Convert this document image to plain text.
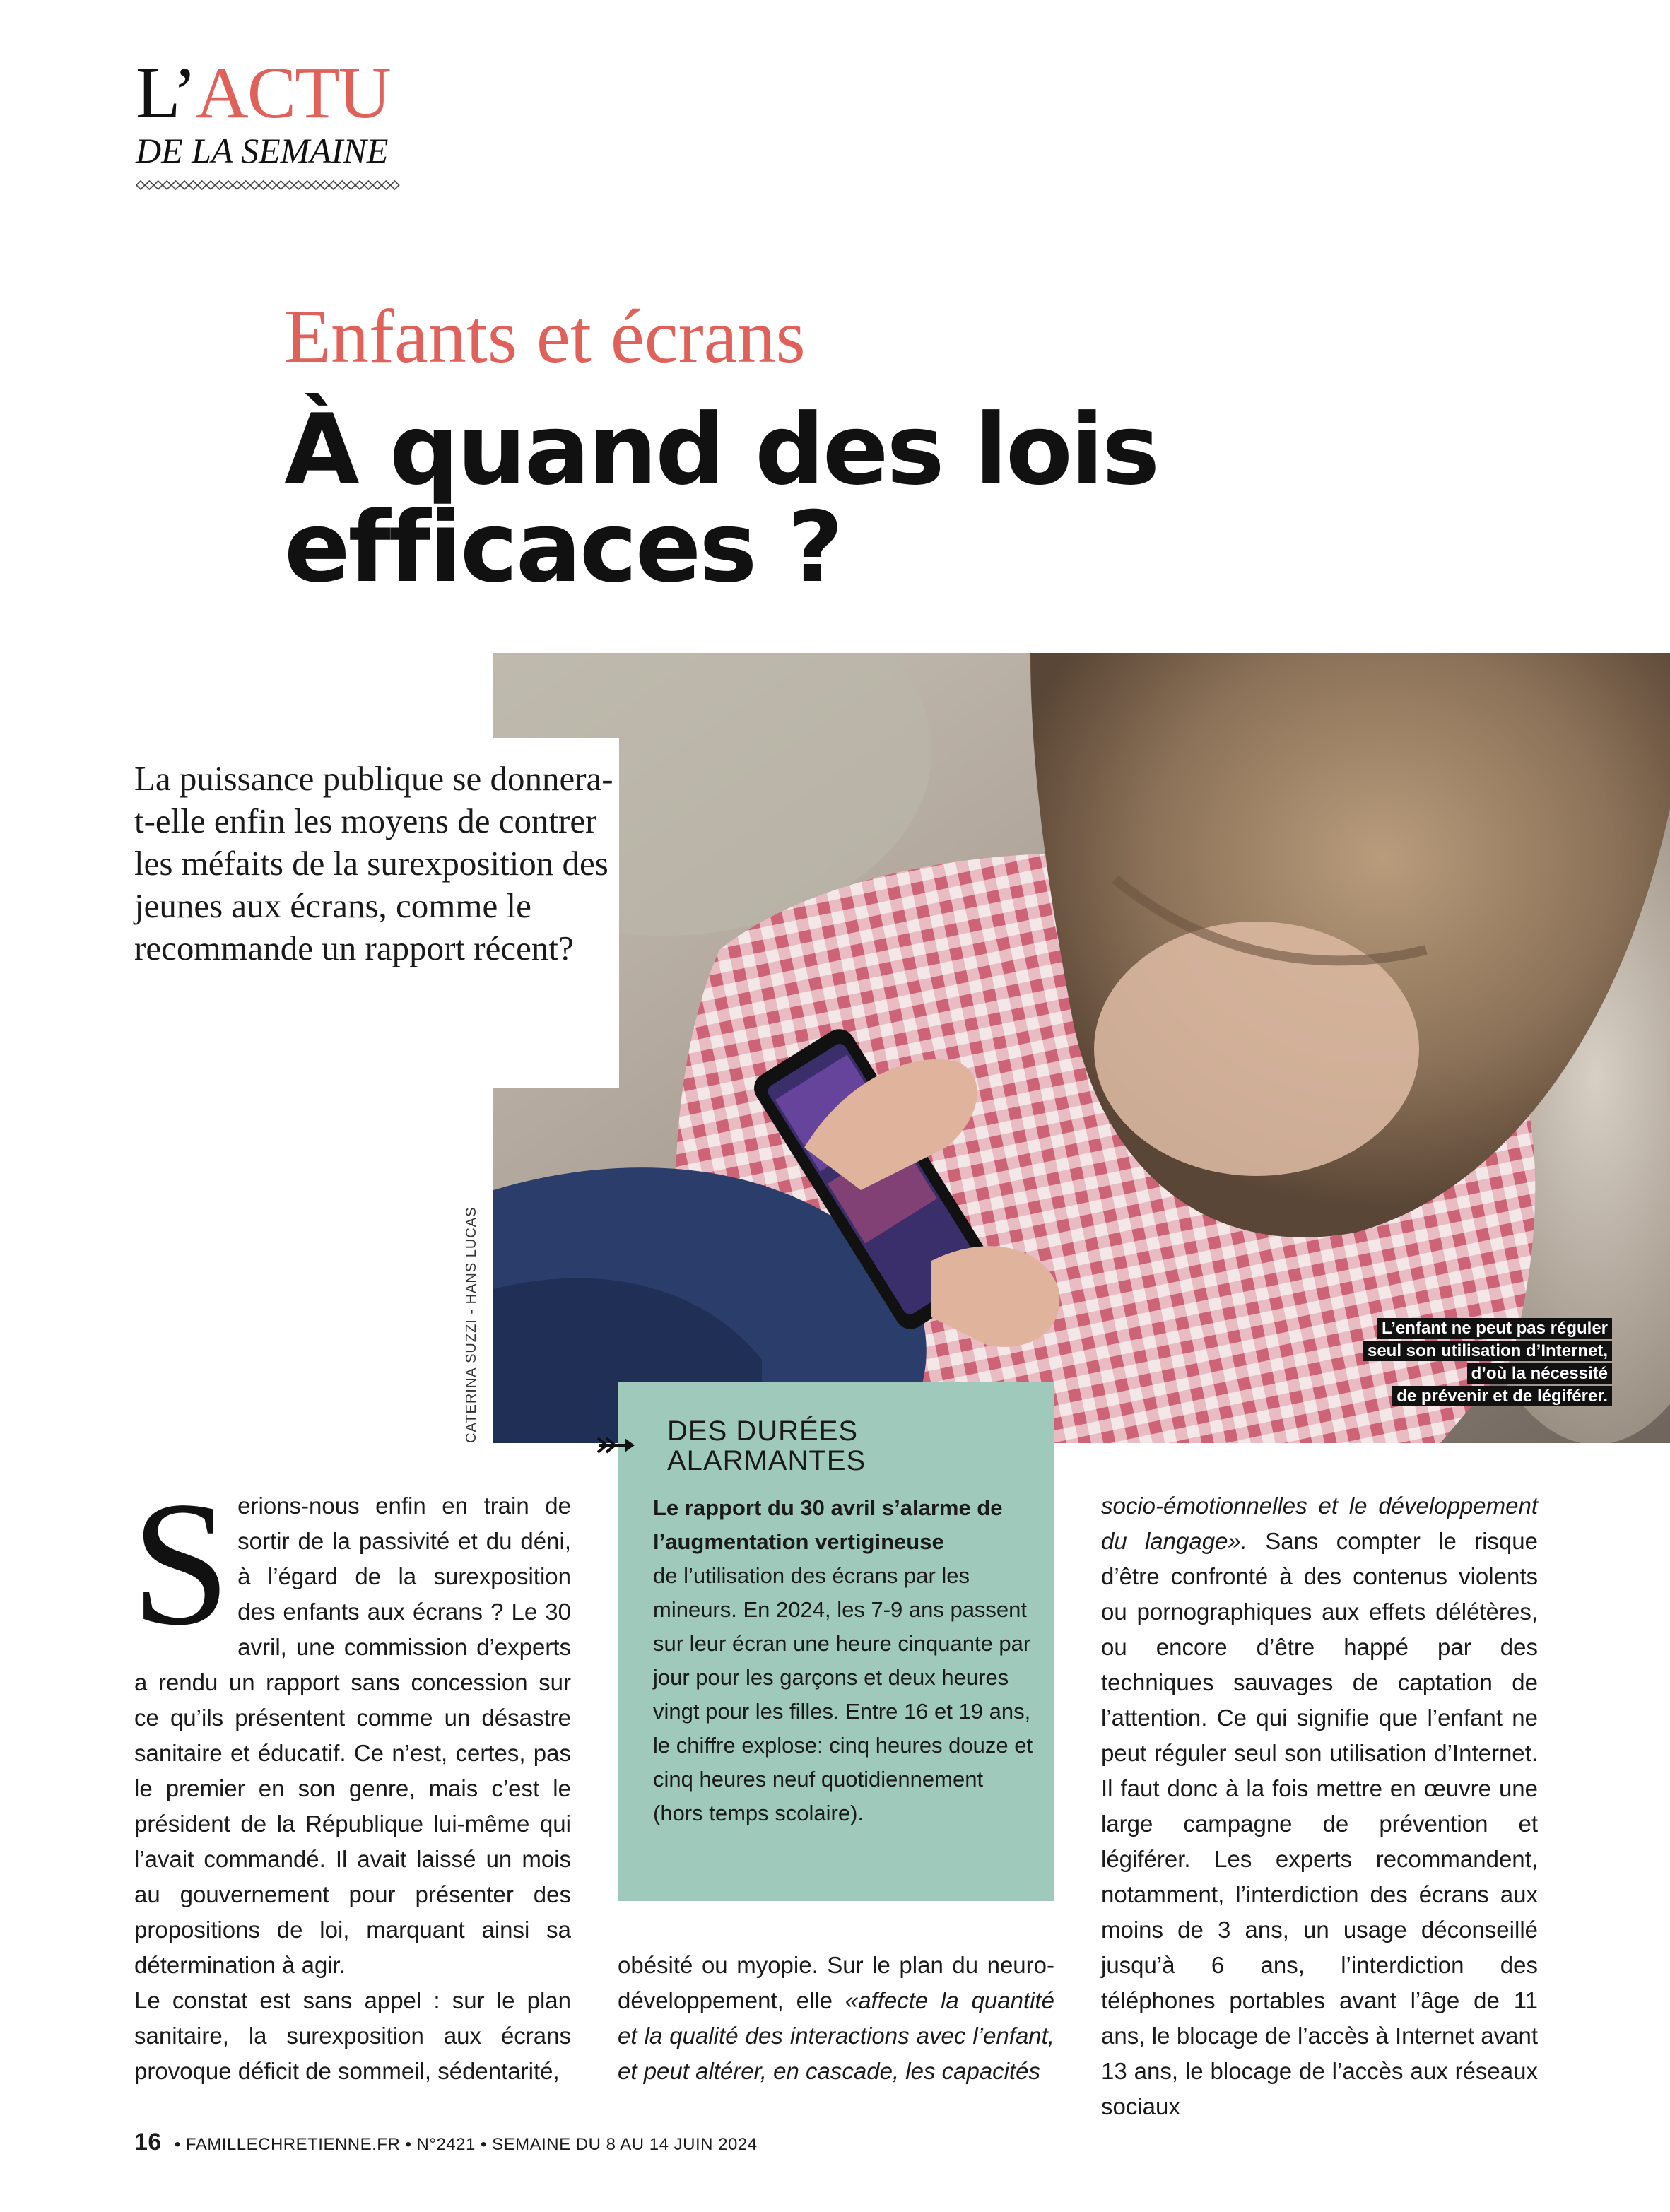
L’ACTU
DE LA SEMAINE
Enfants et écrans
À quand des lois efficaces ?

La puissance publique se donnera-t-elle enfin les moyens de contrer les méfaits de la surexposition des jeunes aux écrans, comme le recommande un rapport récent?

CATERINA SUZZI - HANS LUCAS	L’enfant ne peut pas réguler
seul son utilisation d’Internet,
d’où la nécessité
de prévenir et de légiférer.
DES DURÉES
ALARMANTES
Le rapport du 30 avril s’alarme de l’augmentation vertigineuse

de l’utilisation des écrans par les mineurs. En 2024, les 7-9 ans passent sur leur écran une heure cinquante par jour pour les garçons et deux heures vingt pour les filles. Entre 16 et 19 ans, le chiffre explose: cinq heures douze et cinq heures neuf quotidiennement (hors temps scolaire).

Serions-nous enfin en train de sortir de la passivité et du déni, à l’égard de la surexposition des enfants aux écrans ? Le 30 avril, une commission d’experts a rendu un rapport sans concession sur ce qu’ils présentent comme un désastre sanitaire et éducatif. Ce n’est, certes, pas le premier en son genre, mais c’est le président de la République lui-même qui l’avait commandé. Il avait laissé un mois au gouvernement pour présenter des propositions de loi, marquant ainsi sa détermination à agir.

Le constat est sans appel : sur le plan sanitaire, la surexposition aux écrans provoque déficit de sommeil, sédentarité,

obésité ou myopie. Sur le plan du neuro-développement, elle «affecte la quantité et la qualité des interactions avec l’enfant, et peut altérer, en cascade, les capacités

socio-émotionnelles et le développement du langage». Sans compter le risque d’être confronté à des contenus violents ou pornographiques aux effets délétères, ou encore d’être happé par des techniques sauvages de captation de l’attention. Ce qui signifie que l’enfant ne peut réguler seul son utilisation d’Internet. Il faut donc à la fois mettre en œuvre une large campagne de prévention et légiférer. Les experts recommandent, notamment, l’interdiction des écrans aux moins de 3 ans, un usage déconseillé jusqu’à 6 ans, l’interdiction des téléphones portables avant l’âge de 11 ans, le blocage de l’accès à Internet avant 13 ans, le blocage de l’accès aux réseaux sociaux

16 • FAMILLECHRETIENNE.FR • N°2421 • SEMAINE DU 8 AU 14 JUIN 2024
